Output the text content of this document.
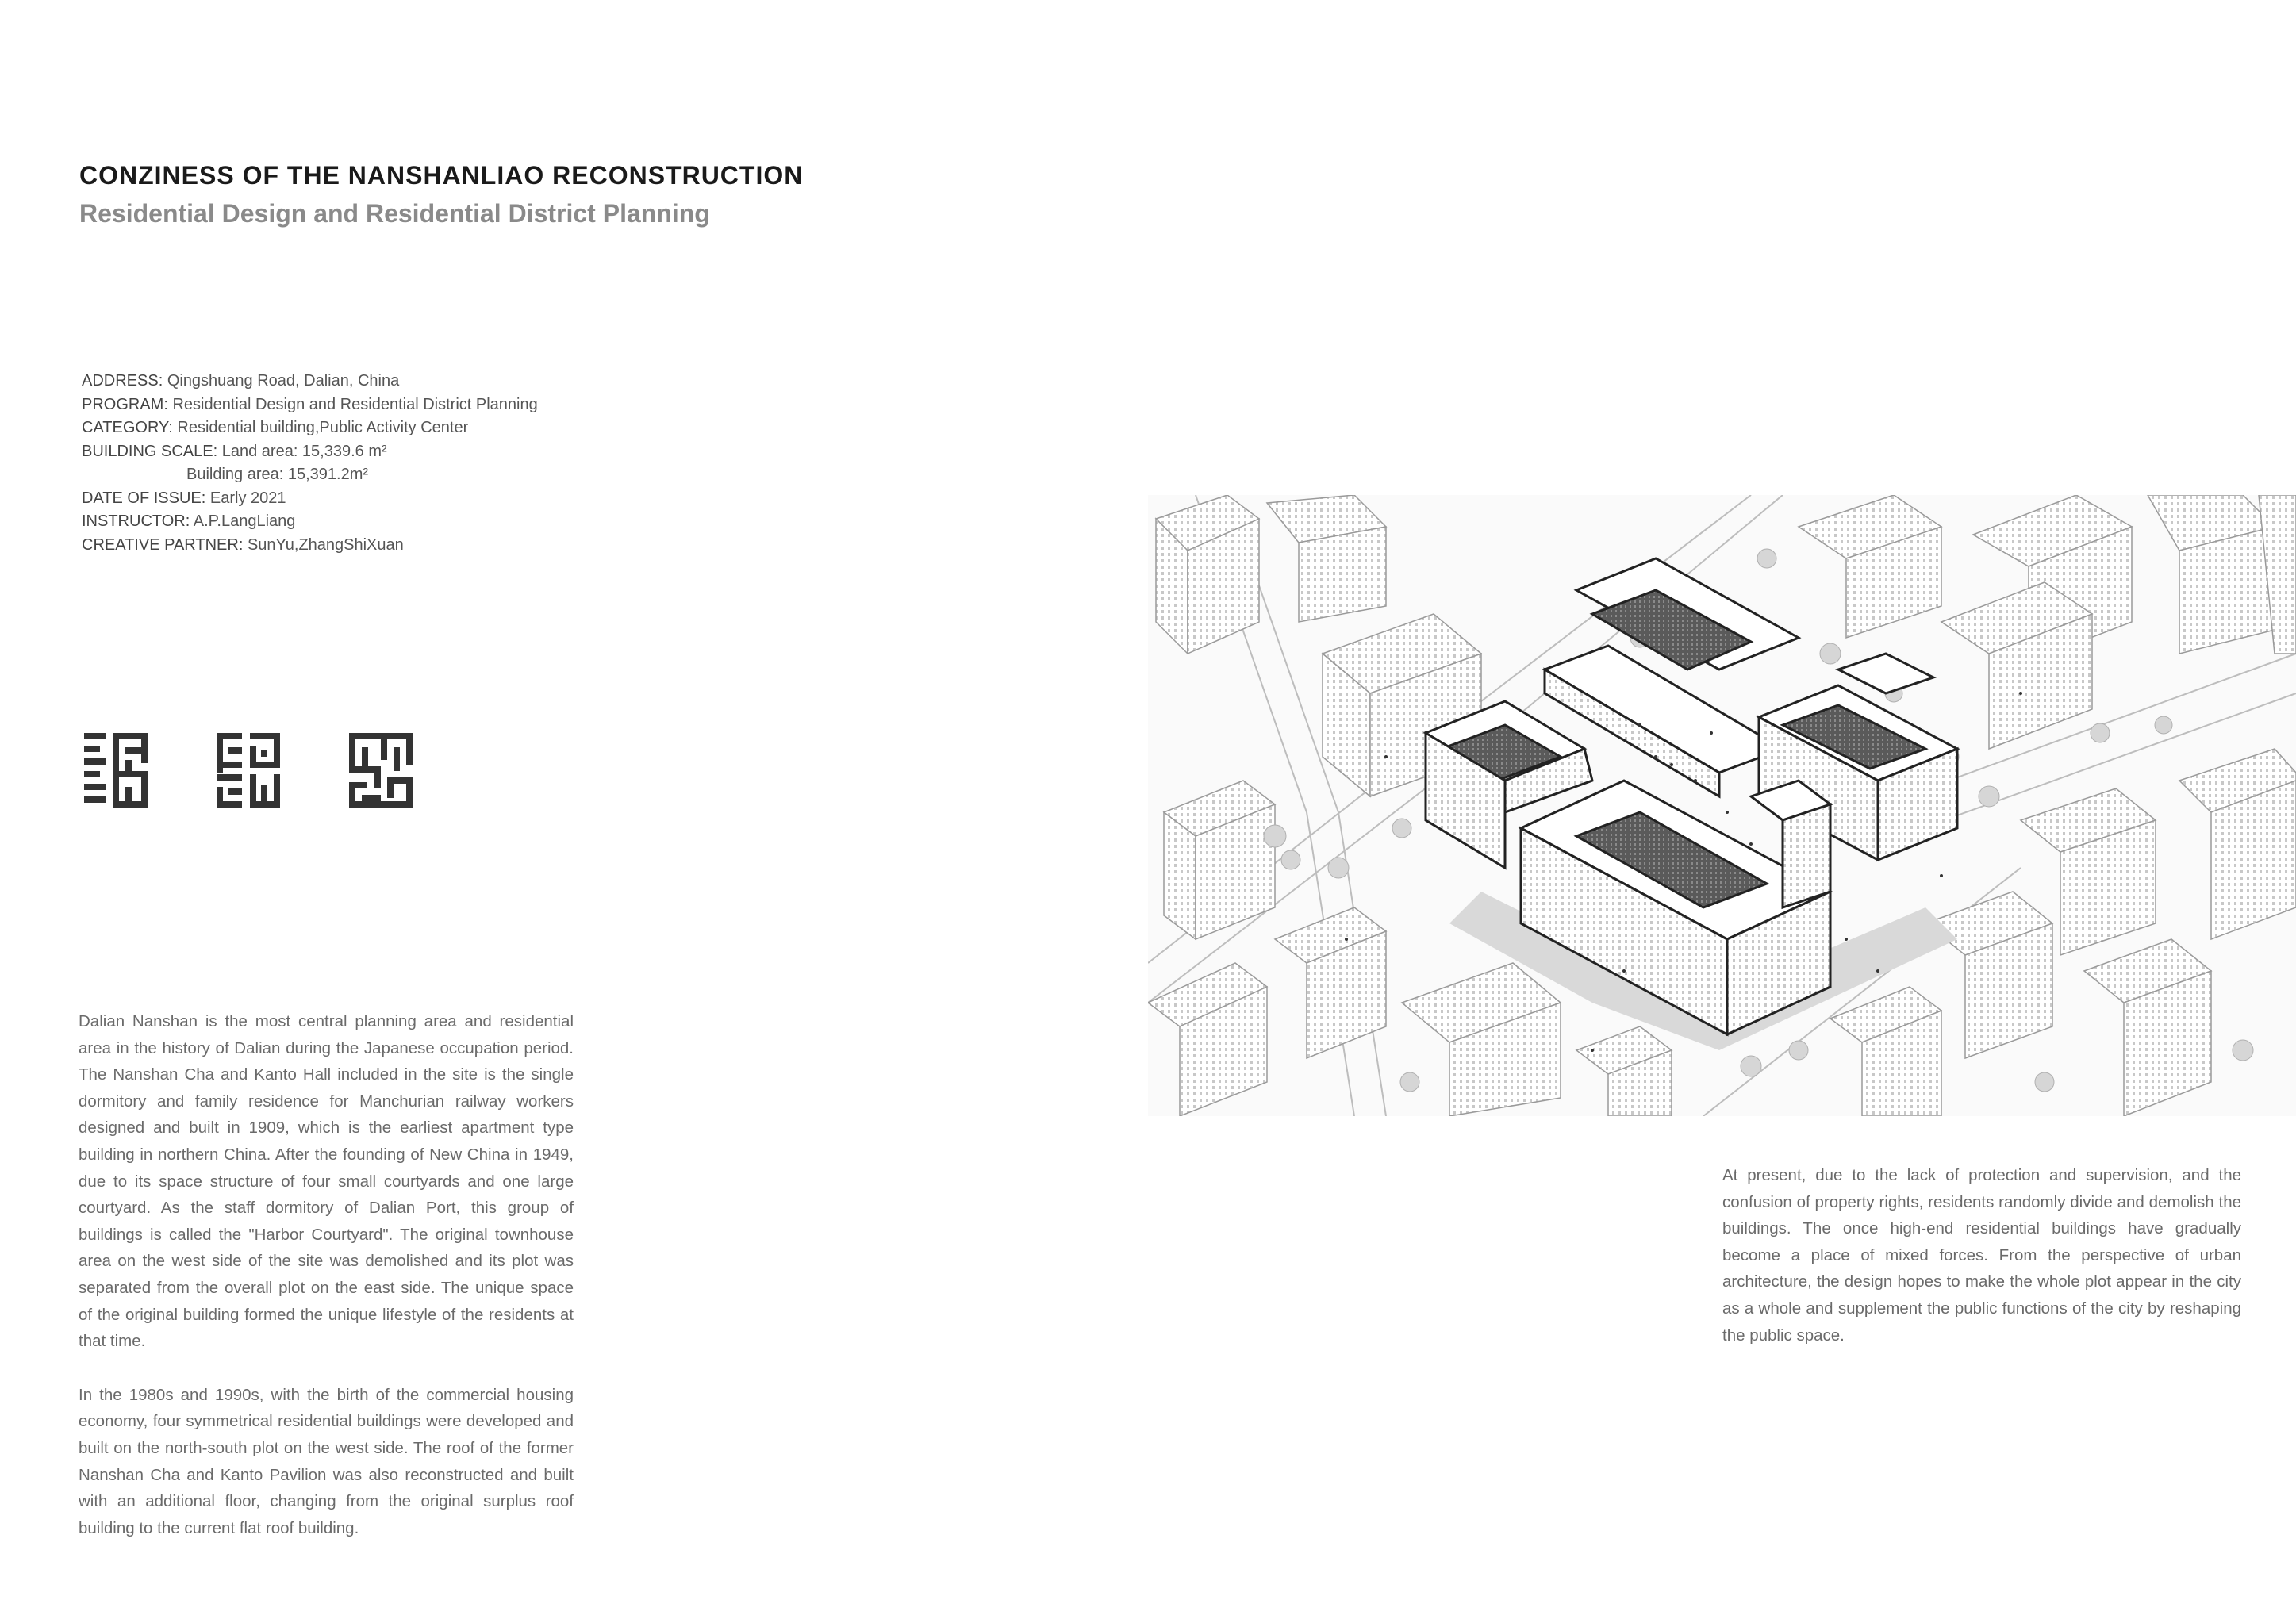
CONZINESS OF THE NANSHANLIAO RECONSTRUCTION
Residential Design and Residential District Planning
ADDRESS: Qingshuang Road, Dalian, China
PROGRAM: Residential Design and Residential District Planning
CATEGORY: Residential building,Public Activity Center
BUILDING SCALE: Land area: 15,339.6 m²
Building area: 15,391.2m²
DATE OF ISSUE: Early 2021
INSTRUCTOR: A.P.LangLiang
CREATIVE PARTNER: SunYu,ZhangShiXuan

Dalian Nanshan is the most central planning area and residential area in the history of Dalian during the Japanese occupation period. The Nanshan Cha and Kanto Hall included in the site is the single dormitory and family residence for Manchurian railway workers designed and built in 1909, which is the earliest apartment type building in northern China. After the founding of New China in 1949, due to its space structure of four small courtyards and one large courtyard. As the staff dormitory of Dalian Port, this group of buildings is called the "Harbor Courtyard". The original townhouse area on the west side of the site was demolished and its plot was separated from the overall plot on the east side. The unique space of the original building formed the unique lifestyle of the residents at that time.

In the 1980s and 1990s, with the birth of the commercial housing economy, four symmetrical residential buildings were developed and built on the north-south plot on the west side. The roof of the former Nanshan Cha and Kanto Pavilion was also reconstructed and built with an additional floor, changing from the original surplus roof building to the current flat roof building.

At present, due to the lack of protection and supervision, and the confusion of property rights, residents randomly divide and demolish the buildings. The once high-end residential buildings have gradually become a place of mixed forces. From the perspective of urban architecture, the design hopes to make the whole plot appear in the city as a whole and supplement the public functions of the city by reshaping the public space.
